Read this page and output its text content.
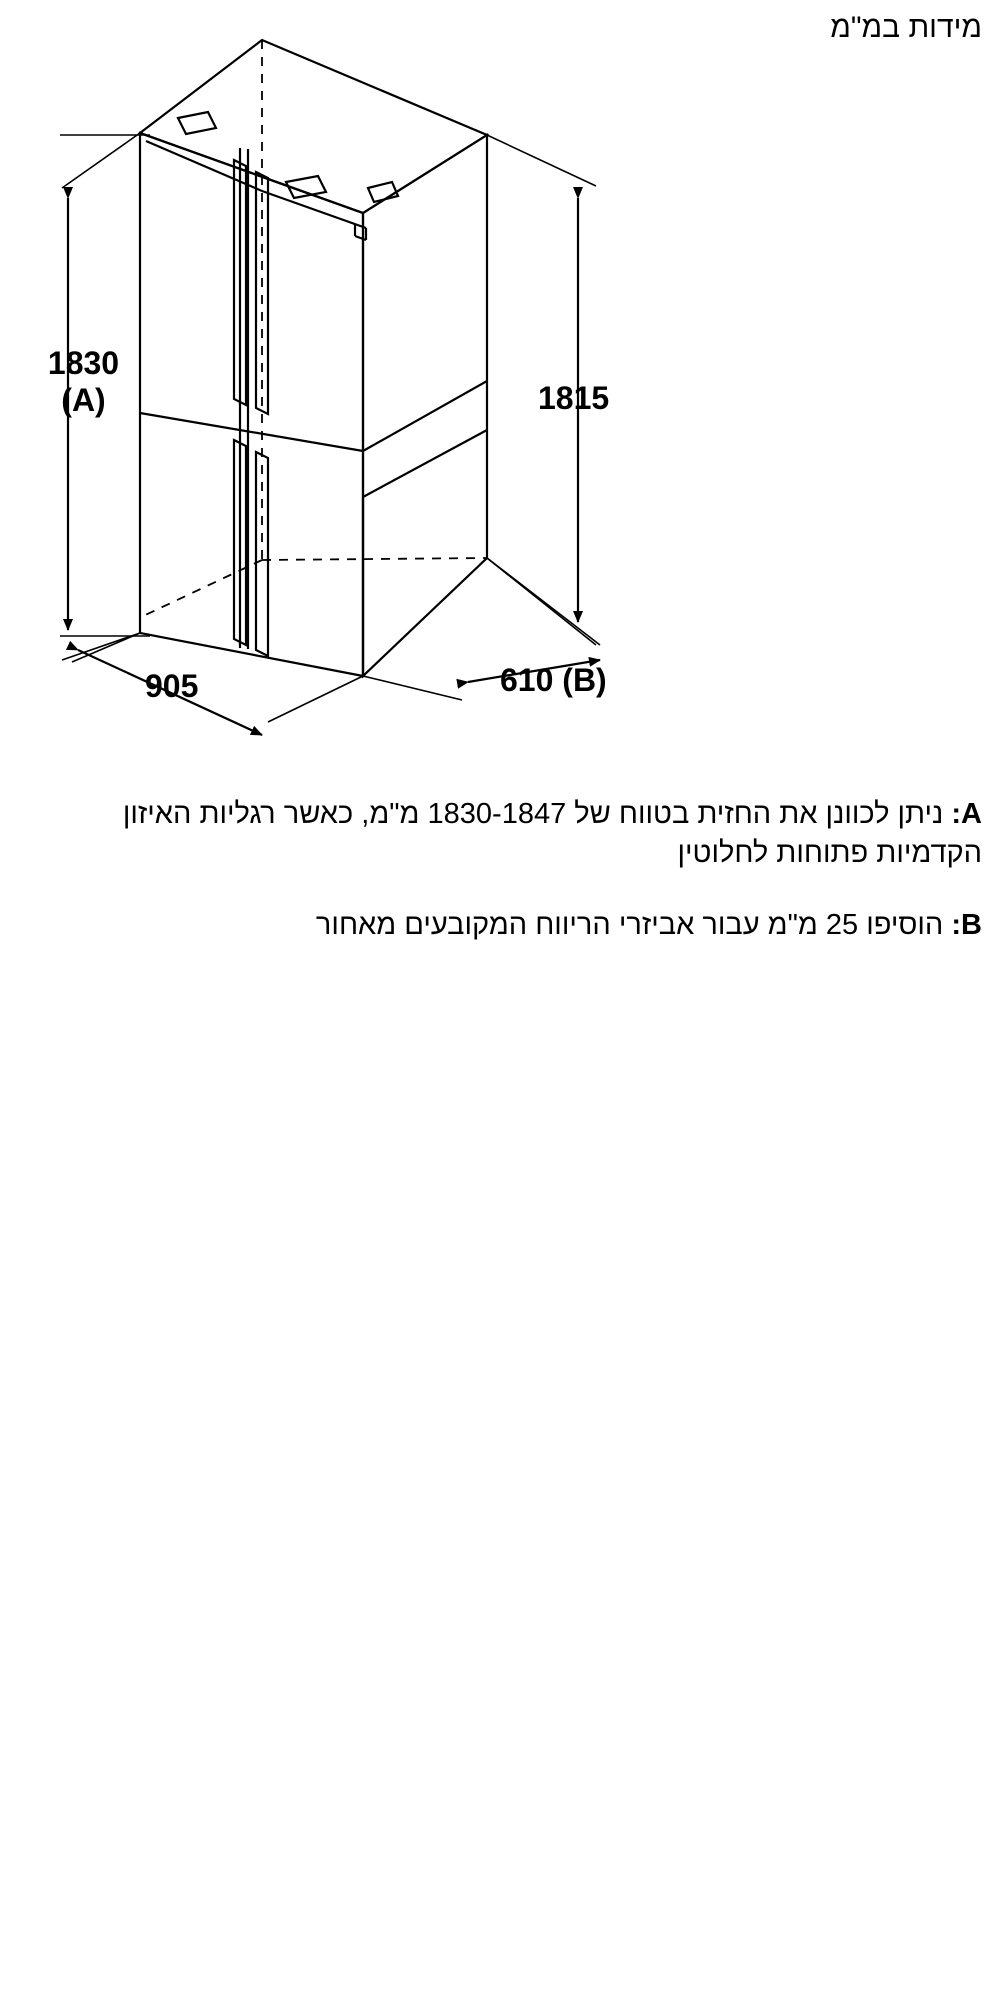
מידות במ"מ
1830
(A)	1815
905	610 (B)
A: ניתן לכוונן את החזית בטווח של 1830-1847 מ"מ, כאשר רגליות האיזון הקדמיות פתוחות לחלוטין
B: הוסיפו 25 מ"מ עבור אביזרי הריווח המקובעים מאחור
